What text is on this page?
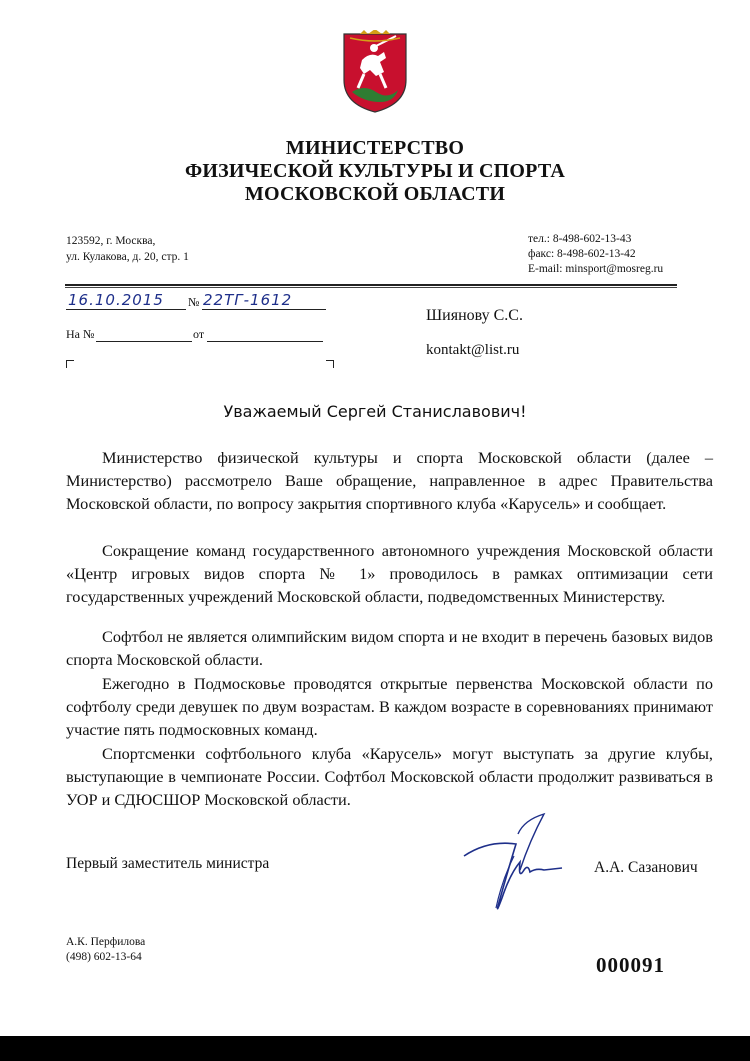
МИНИСТЕРСТВО
ФИЗИЧЕСКОЙ КУЛЬТУРЫ И СПОРТА
МОСКОВСКОЙ ОБЛАСТИ
123592, г. Москва,
ул. Кулакова, д. 20, стр. 1
тел.: 8-498-602-13-43
факс: 8-498-602-13-42
E-mail: minsport@mosreg.ru
16.10.2015 № 22ТГ-1612
На №	от
Шиянову С.С.
kontakt@list.ru
Уважаемый Сергей Станиславович!
Министерство физической культуры и спорта Московской области (далее – Министерство) рассмотрело Ваше обращение, направленное в адрес Правительства Московской области, по вопросу закрытия спортивного клуба «Карусель» и сообщает.
Сокращение команд государственного автономного учреждения Московской области «Центр игровых видов спорта № 1» проводилось в рамках оптимизации сети государственных учреждений Московской области, подведомственных Министерству.
Софтбол не является олимпийским видом спорта и не входит в перечень базовых видов спорта Московской области.
Ежегодно в Подмосковье проводятся открытые первенства Московской области по софтболу среди девушек по двум возрастам. В каждом возрасте в соревнованиях принимают участие пять подмосковных команд.
Спортсменки софтбольного клуба «Карусель» могут выступать за другие клубы, выступающие в чемпионате России. Софтбол Московской области продолжит развиваться в УОР и СДЮСШОР Московской области.
Первый заместитель министра	А.А. Сазанович
А.К. Перфилова
(498) 602-13-64	000091
